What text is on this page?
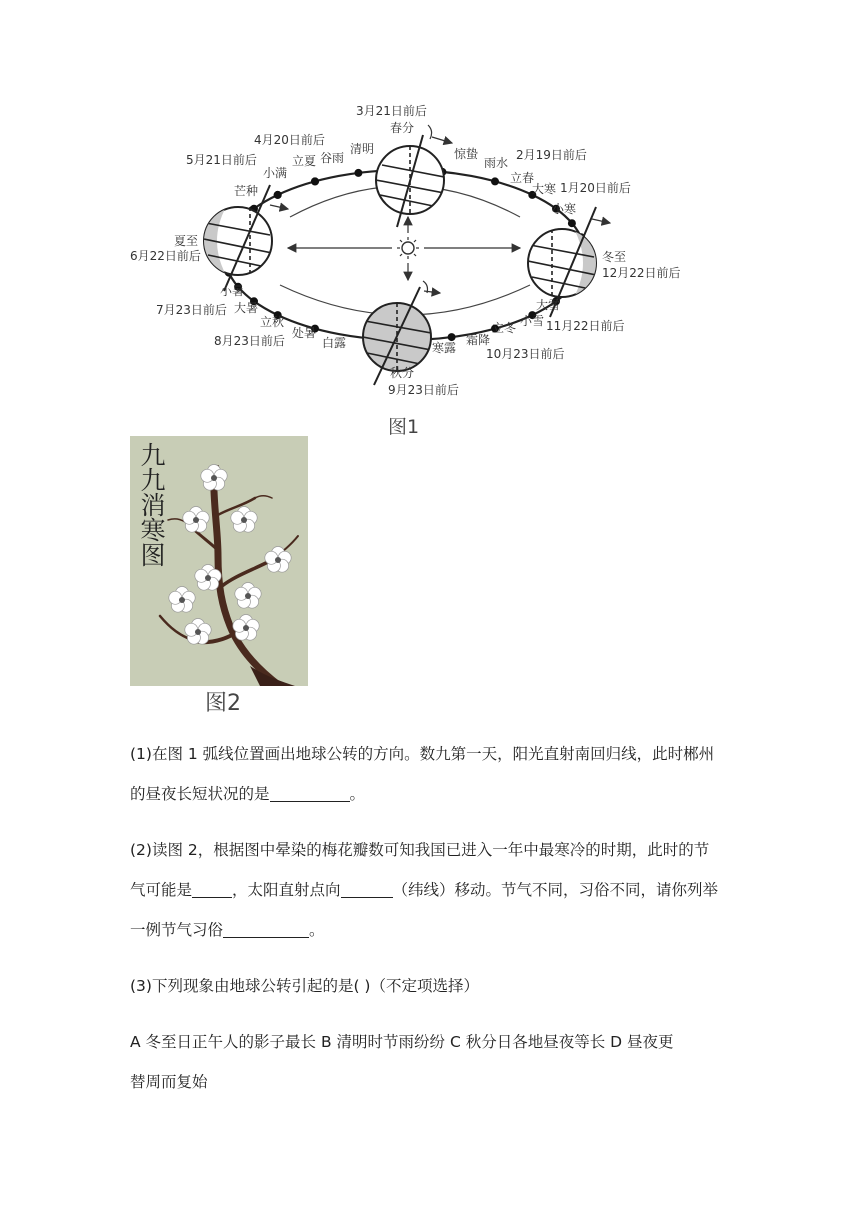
3月21日前后
春分
清明
谷雨
立夏
4月20日前后
5月21日前后
小满
芒种
夏至
6月22日前后
小暑
大暑
7月23日前后
立秋
处暑
8月23日前后	白露
秋分
9月23日前后
寒露
霜降
10月23日前后
立冬 小雪 11月22日前后
大雪
冬至
12月22日前后
小寒
大寒 1月20日前后
立春
雨水
2月19日前后
惊蛰
图1
九九消寒图
图2
(1)在图 1 弧线位置画出地球公转的方向。数九第一天，阳光直射南回归线，此时郴州
的昼夜长短状况的是	。
(2)读图 2，根据图中晕染的梅花瓣数可知我国已进入一年中最寒冷的时期，此时的节
气可能是	，太阳直射点向	（纬线）移动。节气不同，习俗不同，请你列举
一例节气习俗	。
(3)下列现象由地球公转引起的是( )（不定项选择）
A 冬至日正午人的影子最长 B 清明时节雨纷纷 C 秋分日各地昼夜等长 D 昼夜更
替周而复始
